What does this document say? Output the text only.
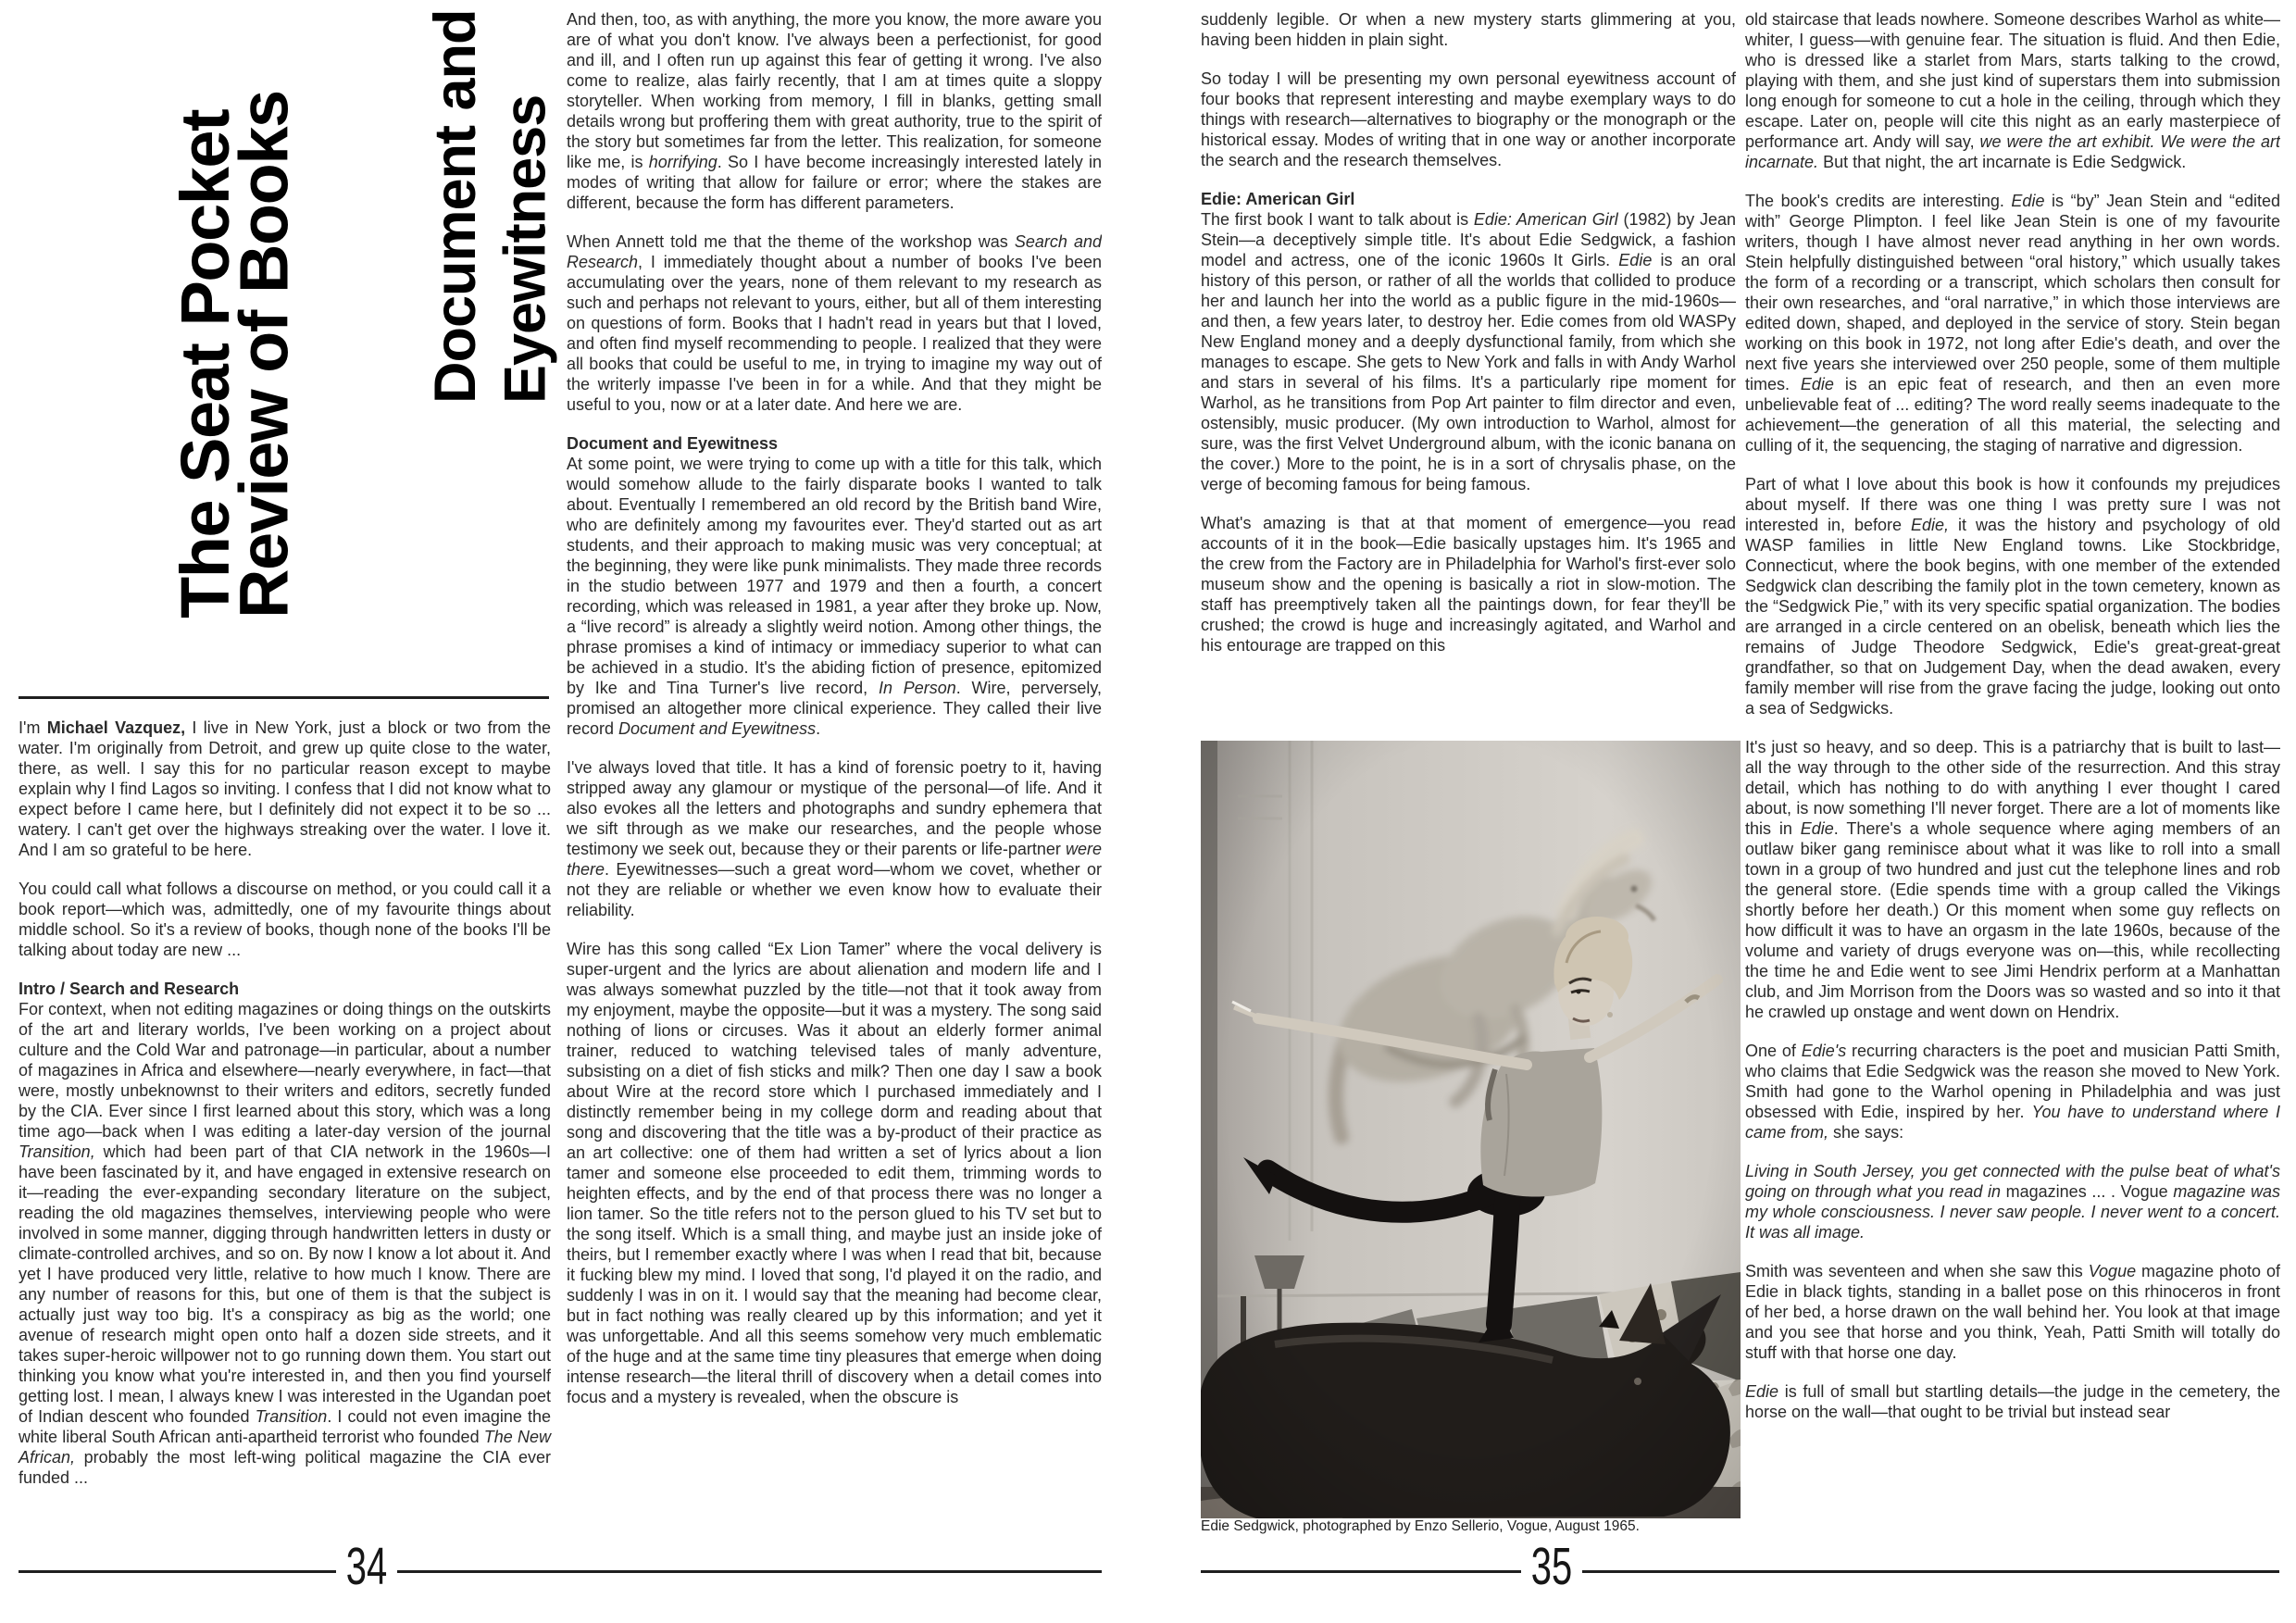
The Seat Pocket
Review of Books Document and Eyewitness
I'm Michael Vazquez, I live in New York, just a block or two from the water. I'm originally from Detroit, and grew up quite close to the water, there, as well. I say this for no particular reason except to maybe explain why I find Lagos so inviting. I confess that I did not know what to expect before I came here, but I definitely did not expect it to be so ... watery. I can't get over the highways streaking over the water. I love it. And I am so grateful to be here.
You could call what follows a discourse on method, or you could call it a book report—which was, admittedly, one of my favourite things about middle school. So it's a review of books, though none of the books I'll be talking about today are new ...
Intro / Search and Research
For context, when not editing magazines or doing things on the outskirts of the art and literary worlds, I've been working on a project about culture and the Cold War and patronage—in particular, about a number of magazines in Africa and elsewhere—nearly everywhere, in fact—that were, mostly unbeknownst to their writers and editors, secretly funded by the CIA. Ever since I first learned about this story, which was a long time ago—back when I was editing a later-day version of the journal Transition, which had been part of that CIA network in the 1960s—I have been fascinated by it, and have engaged in extensive research on it—reading the ever-expanding secondary literature on the subject, reading the old magazines themselves, interviewing people who were involved in some manner, digging through handwritten letters in dusty or climate-controlled archives, and so on. By now I know a lot about it. And yet I have produced very little, relative to how much I know. There are any number of reasons for this, but one of them is that the subject is actually just way too big. It's a conspiracy as big as the world; one avenue of research might open onto half a dozen side streets, and it takes super-heroic willpower not to go running down them. You start out thinking you know what you're interested in, and then you find yourself getting lost. I mean, I always knew I was interested in the Ugandan poet of Indian descent who founded Transition. I could not even imagine the white liberal South African anti-apartheid terrorist who founded The New African, probably the most left-wing political magazine the CIA ever funded ...
And then, too, as with anything, the more you know, the more aware you are of what you don't know. I've always been a perfectionist, for good and ill, and I often run up against this fear of getting it wrong. I've also come to realize, alas fairly recently, that I am at times quite a sloppy storyteller. When working from memory, I fill in blanks, getting small details wrong but proffering them with great authority, true to the spirit of the story but sometimes far from the letter. This realization, for someone like me, is horrifying. So I have become increasingly interested lately in modes of writing that allow for failure or error; where the stakes are different, because the form has different parameters.
When Annett told me that the theme of the workshop was Search and Research, I immediately thought about a number of books I've been accumulating over the years, none of them relevant to my research as such and perhaps not relevant to yours, either, but all of them interesting on questions of form. Books that I hadn't read in years but that I loved, and often find myself recommending to people. I realized that they were all books that could be useful to me, in trying to imagine my way out of the writerly impasse I've been in for a while. And that they might be useful to you, now or at a later date. And here we are.
Document and Eyewitness
At some point, we were trying to come up with a title for this talk, which would somehow allude to the fairly disparate books I wanted to talk about. Eventually I remembered an old record by the British band Wire, who are definitely among my favourites ever. They'd started out as art students, and their approach to making music was very conceptual; at the beginning, they were like punk minimalists. They made three records in the studio between 1977 and 1979 and then a fourth, a concert recording, which was released in 1981, a year after they broke up. Now, a “live record” is already a slightly weird notion. Among other things, the phrase promises a kind of intimacy or immediacy superior to what can be achieved in a studio. It's the abiding fiction of presence, epitomized by Ike and Tina Turner's live record, In Person. Wire, perversely, promised an altogether more clinical experience. They called their live record Document and Eyewitness.
I've always loved that title. It has a kind of forensic poetry to it, having stripped away any glamour or mystique of the personal—of life. And it also evokes all the letters and photographs and sundry ephemera that we sift through as we make our researches, and the people whose testimony we seek out, because they or their parents or life-partner were there. Eyewitnesses—such a great word—whom we covet, whether or not they are reliable or whether we even know how to evaluate their reliability.
Wire has this song called “Ex Lion Tamer” where the vocal delivery is super-urgent and the lyrics are about alienation and modern life and I was always somewhat puzzled by the title—not that it took away from my enjoyment, maybe the opposite—but it was a mystery. The song said nothing of lions or circuses. Was it about an elderly former animal trainer, reduced to watching televised tales of manly adventure, subsisting on a diet of fish sticks and milk? Then one day I saw a book about Wire at the record store which I purchased immediately and I distinctly remember being in my college dorm and reading about that song and discovering that the title was a by-product of their practice as an art collective: one of them had written a set of lyrics about a lion tamer and someone else proceeded to edit them, trimming words to heighten effects, and by the end of that process there was no longer a lion tamer. So the title refers not to the person glued to his TV set but to the song itself. Which is a small thing, and maybe just an inside joke of theirs, but I remember exactly where I was when I read that bit, because it fucking blew my mind. I loved that song, I'd played it on the radio, and suddenly I was in on it. I would say that the meaning had become clear, but in fact nothing was really cleared up by this information; and yet it was unforgettable. And all this seems somehow very much emblematic of the huge and at the same time tiny pleasures that emerge when doing intense research—the literal thrill of discovery when a detail comes into focus and a mystery is revealed, when the obscure is
34
suddenly legible. Or when a new mystery starts glimmering at you, having been hidden in plain sight.
So today I will be presenting my own personal eyewitness account of four books that represent interesting and maybe exemplary ways to do things with research—alternatives to biography or the monograph or the historical essay. Modes of writing that in one way or another incorporate the search and the research themselves.
Edie: American Girl
The first book I want to talk about is Edie: American Girl (1982) by Jean Stein—a deceptively simple title. It's about Edie Sedgwick, a fashion model and actress, one of the iconic 1960s It Girls. Edie is an oral history of this person, or rather of all the worlds that collided to produce her and launch her into the world as a public figure in the mid-1960s—and then, a few years later, to destroy her. Edie comes from old WASPy New England money and a deeply dysfunctional family, from which she manages to escape. She gets to New York and falls in with Andy Warhol and stars in several of his films. It's a particularly ripe moment for Warhol, as he transitions from Pop Art painter to film director and even, ostensibly, music producer. (My own introduction to Warhol, almost for sure, was the first Velvet Underground album, with the iconic banana on the cover.) More to the point, he is in a sort of chrysalis phase, on the verge of becoming famous for being famous.
What's amazing is that at that moment of emergence—you read accounts of it in the book—Edie basically upstages him. It's 1965 and the crew from the Factory are in Philadelphia for Warhol's first-ever solo museum show and the opening is basically a riot in slow-motion. The staff has preemptively taken all the paintings down, for fear they'll be crushed; the crowd is huge and increasingly agitated, and Warhol and his entourage are trapped on this
Edie Sedgwick, photographed by Enzo Sellerio, Vogue, August 1965.
old staircase that leads nowhere. Someone describes Warhol as white—whiter, I guess—with genuine fear. The situation is fluid. And then Edie, who is dressed like a starlet from Mars, starts talking to the crowd, playing with them, and she just kind of superstars them into submission long enough for someone to cut a hole in the ceiling, through which they escape. Later on, people will cite this night as an early masterpiece of performance art. Andy will say, we were the art exhibit. We were the art incarnate. But that night, the art incarnate is Edie Sedgwick.
The book's credits are interesting. Edie is “by” Jean Stein and “edited with” George Plimpton. I feel like Jean Stein is one of my favourite writers, though I have almost never read anything in her own words. Stein helpfully distinguished between “oral history,” which usually takes the form of a recording or a transcript, which scholars then consult for their own researches, and “oral narrative,” in which those interviews are edited down, shaped, and deployed in the service of story. Stein began working on this book in 1972, not long after Edie's death, and over the next five years she interviewed over 250 people, some of them multiple times. Edie is an epic feat of research, and then an even more unbelievable feat of ... editing? The word really seems inadequate to the achievement—the generation of all this material, the selecting and culling of it, the sequencing, the staging of narrative and digression.
Part of what I love about this book is how it confounds my prejudices about myself. If there was one thing I was pretty sure I was not interested in, before Edie, it was the history and psychology of old WASP families in little New England towns. Like Stockbridge, Connecticut, where the book begins, with one member of the extended Sedgwick clan describing the family plot in the town cemetery, known as the “Sedgwick Pie,” with its very specific spatial organization. The bodies are arranged in a circle centered on an obelisk, beneath which lies the remains of Judge Theodore Sedgwick, Edie's great-great-great grandfather, so that on Judgement Day, when the dead awaken, every family member will rise from the grave facing the judge, looking out onto a sea of Sedgwicks.
It's just so heavy, and so deep. This is a patriarchy that is built to last—all the way through to the other side of the resurrection. And this stray detail, which has nothing to do with anything I ever thought I cared about, is now something I'll never forget. There are a lot of moments like this in Edie. There's a whole sequence where aging members of an outlaw biker gang reminisce about what it was like to roll into a small town in a group of two hundred and just cut the telephone lines and rob the general store. (Edie spends time with a group called the Vikings shortly before her death.) Or this moment when some guy reflects on how difficult it was to have an orgasm in the late 1960s, because of the volume and variety of drugs everyone was on—this, while recollecting the time he and Edie went to see Jimi Hendrix perform at a Manhattan club, and Jim Morrison from the Doors was so wasted and so into it that he crawled up onstage and went down on Hendrix.
One of Edie's recurring characters is the poet and musician Patti Smith, who claims that Edie Sedgwick was the reason she moved to New York. Smith had gone to the Warhol opening in Philadelphia and was just obsessed with Edie, inspired by her. You have to understand where I came from, she says:
Living in South Jersey, you get connected with the pulse beat of what's going on through what you read in magazines ... . Vogue magazine was my whole consciousness. I never saw people. I never went to a concert. It was all image.
Smith was seventeen and when she saw this Vogue magazine photo of Edie in black tights, standing in a ballet pose on this rhinoceros in front of her bed, a horse drawn on the wall behind her. You look at that image and you see that horse and you think, Yeah, Patti Smith will totally do stuff with that horse one day.
Edie is full of small but startling details—the judge in the cemetery, the horse on the wall—that ought to be trivial but instead sear
35
